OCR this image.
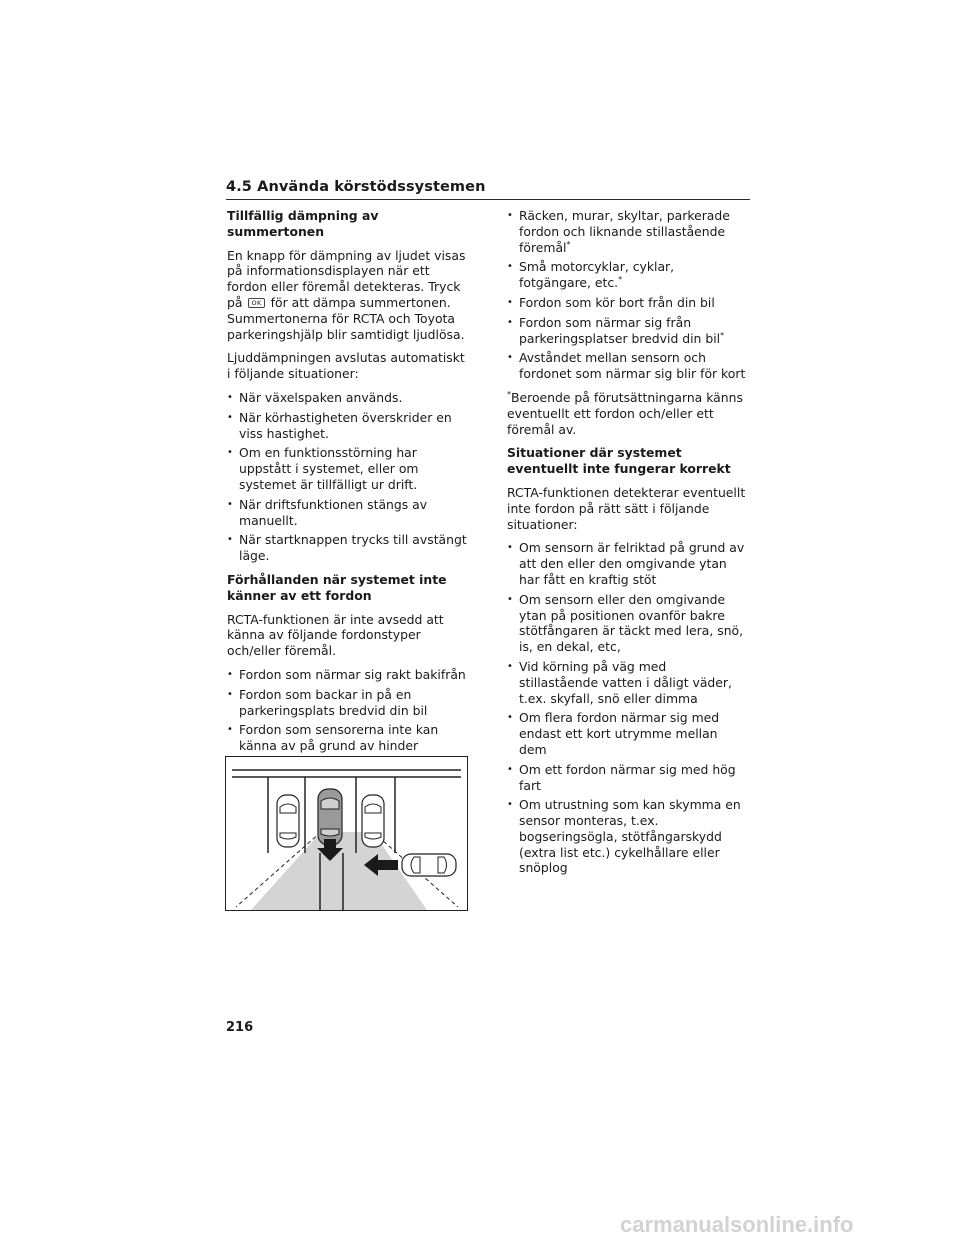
4.5 Använda körstödssystemen
Tillfällig dämpning av summertonen

En knapp för dämpning av ljudet visas på informationsdisplayen när ett fordon eller föremål detekteras. Tryck på OK för att dämpa summertonen. Summertonerna för RCTA och Toyota parkeringshjälp blir samtidigt ljudlösa.

Ljuddämpningen avslutas automatiskt i följande situationer:

• När växelspaken används.
• När körhastigheten överskrider en viss hastighet.
• Om en funktionsstörning har uppstått i systemet, eller om systemet är tillfälligt ur drift.
• När driftsfunktionen stängs av manuellt.
• När startknappen trycks till avstängt läge.
Förhållanden när systemet inte känner av ett fordon

RCTA-funktionen är inte avsedd att känna av följande fordonstyper och/eller föremål.

• Fordon som närmar sig rakt bakifrån
• Fordon som backar in på en parkeringsplats bredvid din bil
• Fordon som sensorerna inte kan känna av på grund av hinder
• Räcken, murar, skyltar, parkerade fordon och liknande stillastående föremål*
• Små motorcyklar, cyklar, fotgängare, etc.*
• Fordon som kör bort från din bil
• Fordon som närmar sig från parkeringsplatser bredvid din bil*
• Avståndet mellan sensorn och fordonet som närmar sig blir för kort

*Beroende på förutsättningarna känns eventuellt ett fordon och/eller ett föremål av.

Situationer där systemet eventuellt inte fungerar korrekt

RCTA-funktionen detekterar eventuellt inte fordon på rätt sätt i följande situationer:

• Om sensorn är felriktad på grund av att den eller den omgivande ytan har fått en kraftig stöt
• Om sensorn eller den omgivande ytan på positionen ovanför bakre stötfångaren är täckt med lera, snö, is, en dekal, etc,
• Vid körning på väg med stillastående vatten i dåligt väder, t.ex. skyfall, snö eller dimma
• Om flera fordon närmar sig med endast ett kort utrymme mellan dem
• Om ett fordon närmar sig med hög fart
• Om utrustning som kan skymma en sensor monteras, t.ex. bogseringsögla, stötfångarskydd (extra list etc.) cykelhållare eller snöplog
216
carmanualsonline.info
